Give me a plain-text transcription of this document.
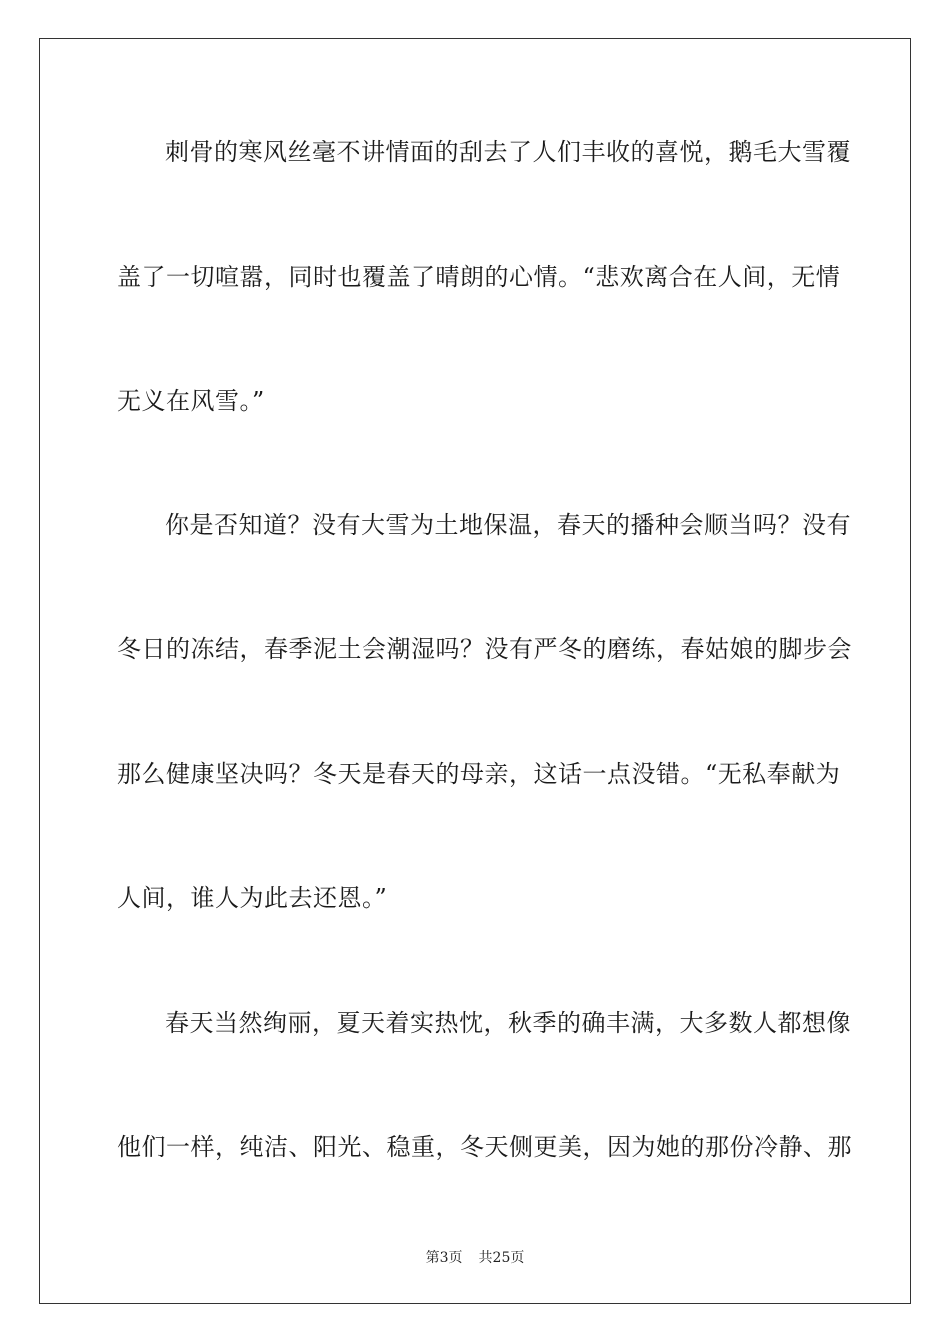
刺骨的寒风丝毫不讲情面的刮去了人们丰收的喜悦，鹅毛大雪覆
盖了一切喧嚣，同时也覆盖了晴朗的心情。“悲欢离合在人间，无情
无义在风雪。”
你是否知道？没有大雪为土地保温，春天的播种会顺当吗？没有
冬日的冻结，春季泥土会潮湿吗？没有严冬的磨练，春姑娘的脚步会
那么健康坚决吗？冬天是春天的母亲，这话一点没错。“无私奉献为
人间，谁人为此去还恩。”
春天当然绚丽，夏天着实热忱，秋季的确丰满，大多数人都想像
他们一样，纯洁、阳光、稳重，冬天侧更美，因为她的那份冷静、那
第3页 共25页
